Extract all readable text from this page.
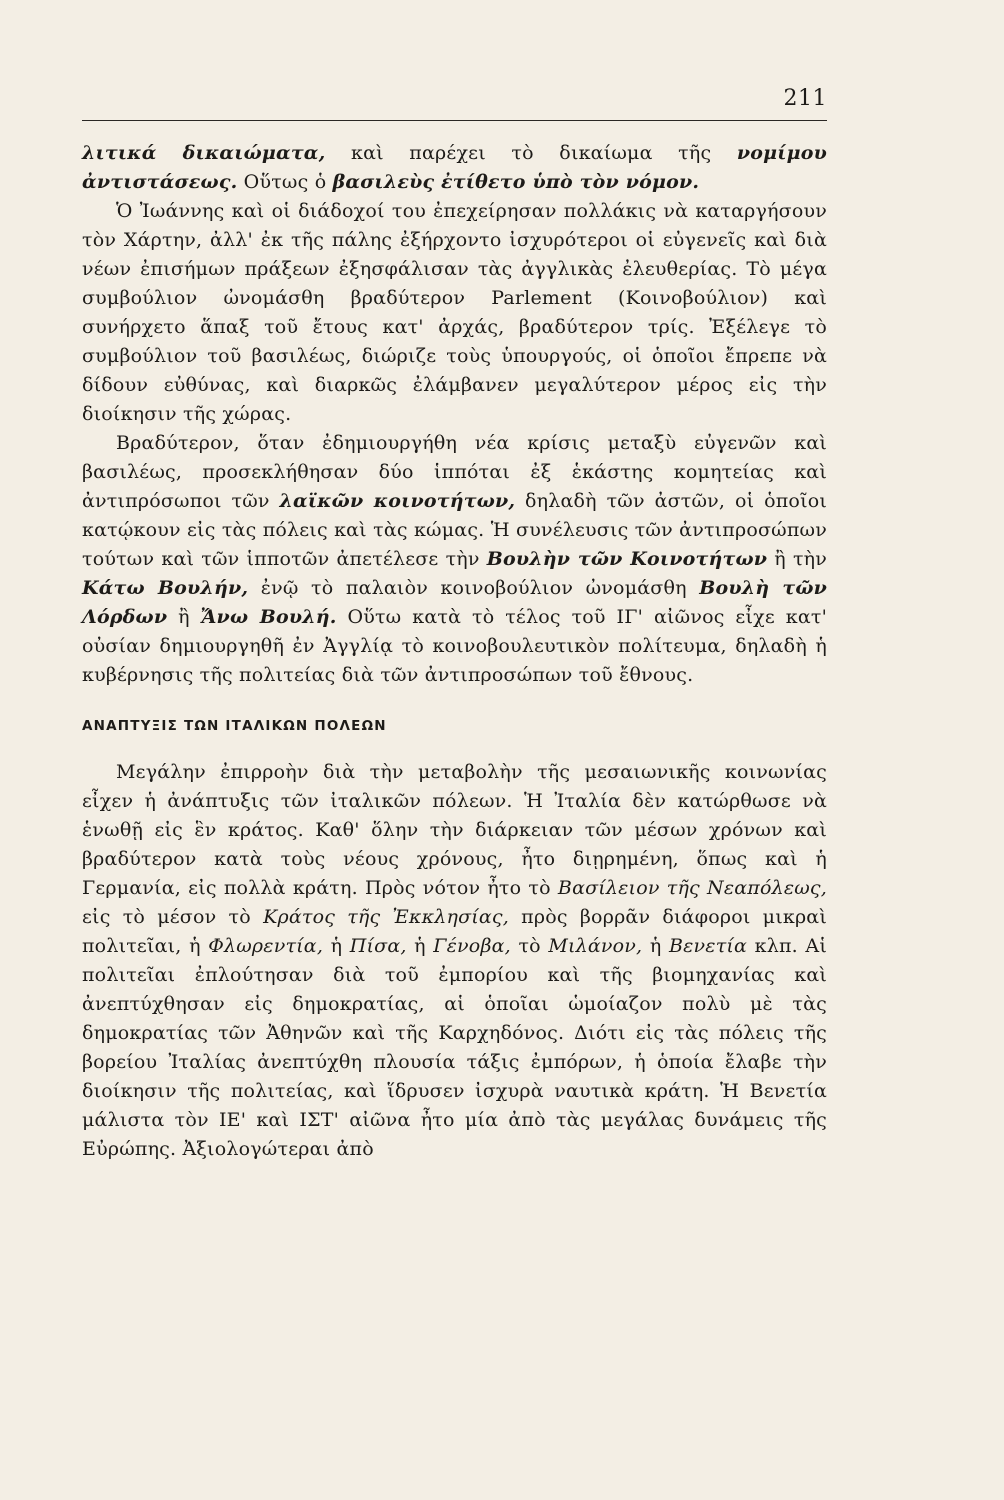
211

λιτικά δικαιώματα, καὶ παρέχει τὸ δικαίωμα τῆς νομίμου ἀντιστάσεως. Οὕτως ὁ βασιλεὺς ἐτίθετο ὑπὸ τὸν νόμον.

Ὁ Ἰωάννης καὶ οἱ διάδοχοί του ἐπεχείρησαν πολλάκις νὰ καταργήσουν τὸν Χάρτην, ἀλλ' ἐκ τῆς πάλης ἐξήρχοντο ἰσχυρότεροι οἱ εὐγενεῖς καὶ διὰ νέων ἐπισήμων πράξεων ἐξησφάλισαν τὰς ἀγγλικὰς ἐλευθερίας. Τὸ μέγα συμβούλιον ὠνομάσθη βραδύτερον Parlement (Κοινοβούλιον) καὶ συνήρχετο ἅπαξ τοῦ ἔτους κατ' ἀρχάς, βραδύτερον τρίς. Ἐξέλεγε τὸ συμβούλιον τοῦ βασιλέως, διώριζε τοὺς ὑπουργούς, οἱ ὁποῖοι ἔπρεπε νὰ δίδουν εὐθύνας, καὶ διαρκῶς ἐλάμβανεν μεγαλύτερον μέρος εἰς τὴν διοίκησιν τῆς χώρας.

Βραδύτερον, ὅταν ἐδημιουργήθη νέα κρίσις μεταξὺ εὐγενῶν καὶ βασιλέως, προσεκλήθησαν δύο ἱππόται ἐξ ἑκάστης κομητείας καὶ ἀντιπρόσωποι τῶν λαϊκῶν κοινοτήτων, δηλαδὴ τῶν ἀστῶν, οἱ ὁποῖοι κατῴκουν εἰς τὰς πόλεις καὶ τὰς κώμας. Ἡ συνέλευσις τῶν ἀντιπροσώπων τούτων καὶ τῶν ἱπποτῶν ἀπετέλεσε τὴν Βουλὴν τῶν Κοινοτήτων ἢ τὴν Κάτω Βουλήν, ἐνῷ τὸ παλαιὸν κοινοβούλιον ὠνομάσθη Βουλὴ τῶν Λόρδων ἢ Ἄνω Βουλή. Οὕτω κατὰ τὸ τέλος τοῦ ΙΓ' αἰῶνος εἶχε κατ' οὐσίαν δημιουργηθῆ ἐν Ἀγγλίᾳ τὸ κοινοβουλευτικὸν πολίτευμα, δηλαδὴ ἡ κυβέρνησις τῆς πολιτείας διὰ τῶν ἀντιπροσώπων τοῦ ἔθνους.

ΑΝΑΠΤΥΞΙΣ ΤΩΝ ΙΤΑΛΙΚΩΝ ΠΟΛΕΩΝ

Μεγάλην ἐπιρροὴν διὰ τὴν μεταβολὴν τῆς μεσαιωνικῆς κοινωνίας εἶχεν ἡ ἀνάπτυξις τῶν ἰταλικῶν πόλεων. Ἡ Ἰταλία δὲν κατώρθωσε νὰ ἑνωθῇ εἰς ἓν κράτος. Καθ' ὅλην τὴν διάρκειαν τῶν μέσων χρόνων καὶ βραδύτερον κατὰ τοὺς νέους χρόνους, ἦτο διῃρημένη, ὅπως καὶ ἡ Γερμανία, εἰς πολλὰ κράτη. Πρὸς νότον ἦτο τὸ Βασίλειον τῆς Νεαπόλεως, εἰς τὸ μέσον τὸ Κράτος τῆς Ἐκκλησίας, πρὸς βορρᾶν διάφοροι μικραὶ πολιτεῖαι, ἡ Φλωρεντία, ἡ Πίσα, ἡ Γένοβα, τὸ Μιλάνον, ἡ Βενετία κλπ. Αἱ πολιτεῖαι ἐπλούτησαν διὰ τοῦ ἐμπορίου καὶ τῆς βιομηχανίας καὶ ἀνεπτύχθησαν εἰς δημοκρατίας, αἱ ὁποῖαι ὡμοίαζον πολὺ μὲ τὰς δημοκρατίας τῶν Ἀθηνῶν καὶ τῆς Καρχηδόνος. Διότι εἰς τὰς πόλεις τῆς βορείου Ἰταλίας ἀνεπτύχθη πλουσία τάξις ἐμπόρων, ἡ ὁποία ἔλαβε τὴν διοίκησιν τῆς πολιτείας, καὶ ἵδρυσεν ἰσχυρὰ ναυτικὰ κράτη. Ἡ Βενετία μάλιστα τὸν ΙΕ' καὶ ΙΣΤ' αἰῶνα ἦτο μία ἀπὸ τὰς μεγάλας δυνάμεις τῆς Εὐρώπης. Ἀξιολογώτεραι ἀπὸ
